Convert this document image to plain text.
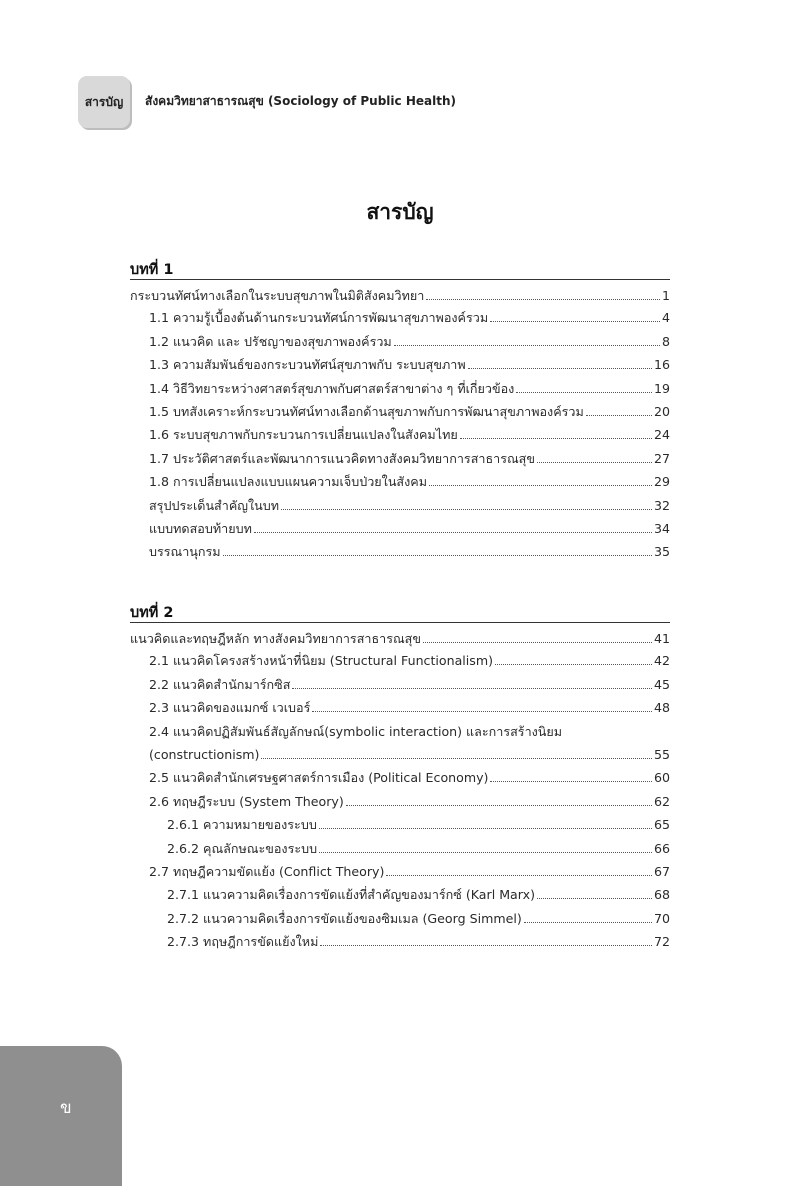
สารบัญ สังคมวิทยาสาธารณสุข (Sociology of Public Health)
สารบัญ
บทที่ 1
บทที่ 2
กระบวนทัศน์ทางเลือกในระบบสุขภาพในมิติสังคมวิทยา	1
1.1 ความรู้เบื้องต้นด้านกระบวนทัศน์การพัฒนาสุขภาพองค์รวม	4
1.2 แนวคิด และ ปรัชญาของสุขภาพองค์รวม	8
1.3 ความสัมพันธ์ของกระบวนทัศน์สุขภาพกับ ระบบสุขภาพ	16
1.4 วิธีวิทยาระหว่างศาสตร์สุขภาพกับศาสตร์สาขาต่าง ๆ ที่เกี่ยวข้อง	19
1.5 บทสังเคราะห์กระบวนทัศน์ทางเลือกด้านสุขภาพกับการพัฒนาสุขภาพองค์รวม	20
1.6 ระบบสุขภาพกับกระบวนการเปลี่ยนแปลงในสังคมไทย	24
1.7 ประวัติศาสตร์และพัฒนาการแนวคิดทางสังคมวิทยาการสาธารณสุข	27
1.8 การเปลี่ยนแปลงแบบแผนความเจ็บป่วยในสังคม	29
สรุปประเด็นสำคัญในบท	32
แบบทดสอบท้ายบท	34
บรรณานุกรม	35
แนวคิดและทฤษฎีหลัก ทางสังคมวิทยาการสาธารณสุข	41
2.1 แนวคิดโครงสร้างหน้าที่นิยม (Structural Functionalism)	42
2.2 แนวคิดสำนักมาร์กซิส	45
2.3 แนวคิดของแมกซ์ เวเบอร์	48
2.4 แนวคิดปฏิสัมพันธ์สัญลักษณ์(symbolic interaction) และการสร้างนิยม
(constructionism)	55
2.5 แนวคิดสำนักเศรษฐศาสตร์การเมือง (Political Economy)	60
2.6 ทฤษฎีระบบ (System Theory)	62
2.6.1 ความหมายของระบบ	65
2.6.2 คุณลักษณะของระบบ	66
2.7 ทฤษฎีความขัดแย้ง (Conflict Theory)	67
2.7.1 แนวความคิดเรื่องการขัดแย้งที่สำคัญของมาร์กซ์ (Karl Marx)	68
2.7.2 แนวความคิดเรื่องการขัดแย้งของซิมเมล (Georg Simmel)	70
2.7.3 ทฤษฎีการขัดแย้งใหม่	72
ข
